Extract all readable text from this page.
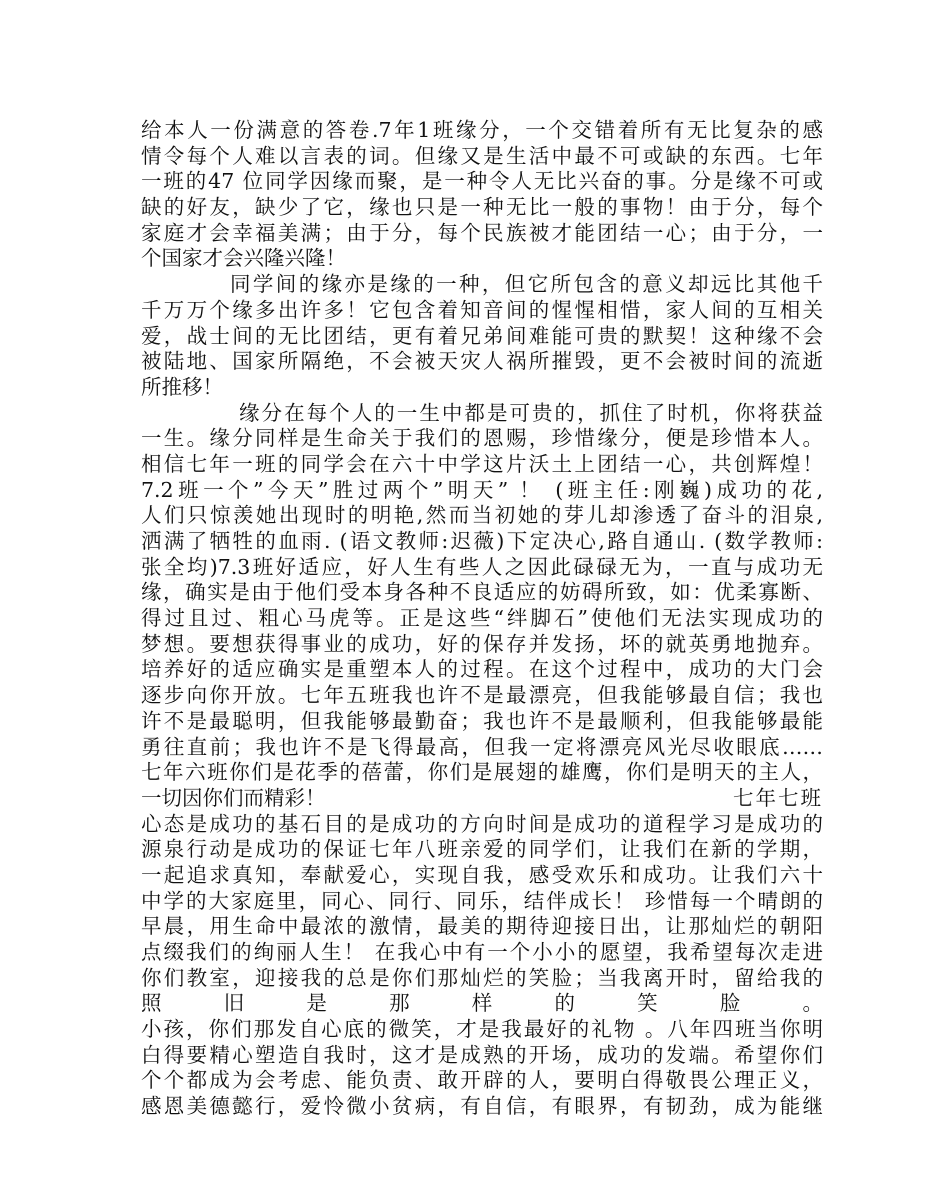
给本人一份满意的答卷.7年1班缘分，一个交错着所有无比复杂的感
情令每个人难以言表的词。但缘又是生活中最不可或缺的东西。七年
一班的47 位同学因缘而聚，是一种令人无比兴奋的事。分是缘不可或
缺的好友，缺少了它，缘也只是一种无比一般的事物！由于分，每个
家庭才会幸福美满；由于分，每个民族被才能团结一心；由于分，一
个国家才会兴隆兴隆！
同学间的缘亦是缘的一种，但它所包含的意义却远比其他千
千万万个缘多出许多！它包含着知音间的惺惺相惜，家人间的互相关
爱，战士间的无比团结，更有着兄弟间难能可贵的默契！这种缘不会
被陆地、国家所隔绝，不会被天灾人祸所摧毁，更不会被时间的流逝
所推移！
缘分在每个人的一生中都是可贵的，抓住了时机，你将获益
一生。缘分同样是生命关于我们的恩赐，珍惜缘分，便是珍惜本人。
相信七年一班的同学会在六十中学这片沃土上团结一心，共创辉煌！
7.2班一个”今天”胜过两个”明天” ！ (班主任:刚巍)成功的花,
人们只惊羡她出现时的明艳,然而当初她的芽儿却渗透了奋斗的泪泉,
洒满了牺牲的血雨. (语文教师:迟薇)下定决心,路自通山. (数学教师:
张全均)7.3班好适应，好人生有些人之因此碌碌无为，一直与成功无
缘，确实是由于他们受本身各种不良适应的妨碍所致，如：优柔寡断、
得过且过、粗心马虎等。正是这些“绊脚石”使他们无法实现成功的
梦想。要想获得事业的成功，好的保存并发扬，坏的就英勇地抛弃。
培养好的适应确实是重塑本人的过程。在这个过程中，成功的大门会
逐步向你开放。七年五班我也许不是最漂亮，但我能够最自信；我也
许不是最聪明，但我能够最勤奋；我也许不是最顺利，但我能够最能
勇往直前；我也许不是飞得最高，但我一定将漂亮风光尽收眼底……
七年六班你们是花季的蓓蕾，你们是展翅的雄鹰，你们是明天的主人，
一切因你们而精彩！	七年七班
心态是成功的基石目的是成功的方向时间是成功的道程学习是成功的
源泉行动是成功的保证七年八班亲爱的同学们，让我们在新的学期，
一起追求真知，奉献爱心，实现自我，感受欢乐和成功。让我们六十
中学的大家庭里，同心、同行、同乐，结伴成长！ 珍惜每一个晴朗的
早晨，用生命中最浓的激情，最美的期待迎接日出，让那灿烂的朝阳
点缀我们的绚丽人生！ 在我心中有一个小小的愿望，我希望每次走进
你们教室，迎接我的总是你们那灿烂的笑脸；当我离开时，留给我的
照	旧	是	那	样	的	笑	脸	。
小孩，你们那发自心底的微笑，才是我最好的礼物 。八年四班当你明
白得要精心塑造自我时，这才是成熟的开场，成功的发端。希望你们
个个都成为会考虑、能负责、敢开辟的人，要明白得敬畏公理正义，
感恩美德懿行，爱怜微小贫病，有自信，有眼界，有韧劲，成为能继
